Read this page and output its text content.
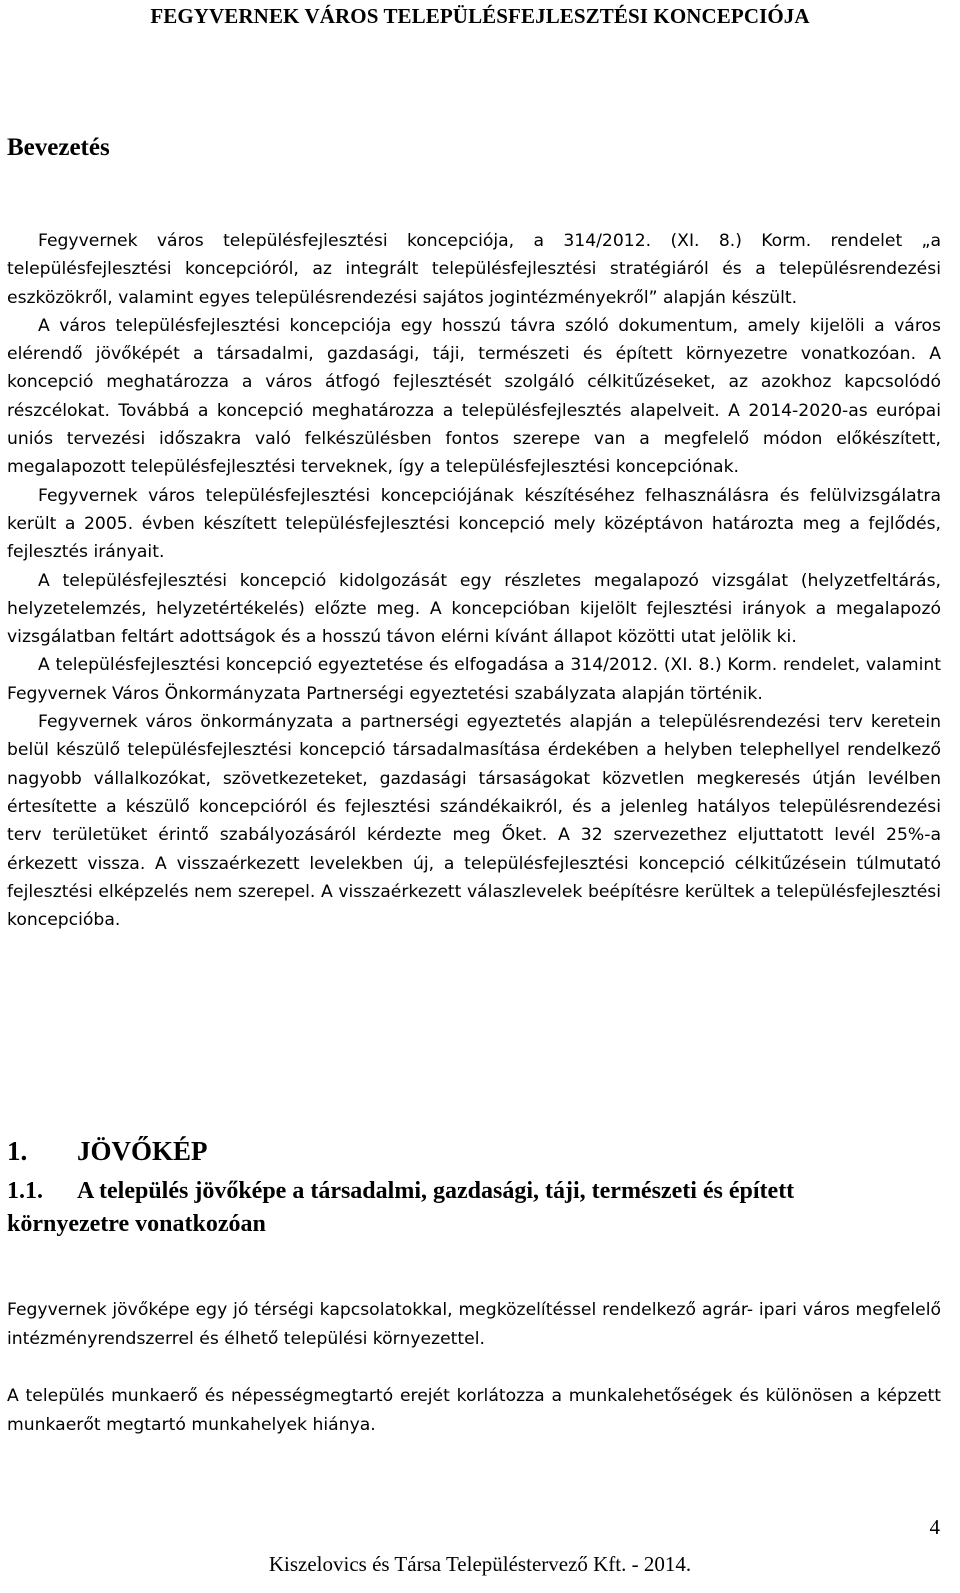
FEGYVERNEK VÁROS TELEPÜLÉSFEJLESZTÉSI KONCEPCIÓJA
Bevezetés

Fegyvernek város településfejlesztési koncepciója, a 314/2012. (XI. 8.) Korm. rendelet „a településfejlesztési koncepcióról, az integrált településfejlesztési stratégiáról és a településrendezési eszközökről, valamint egyes településrendezési sajátos jogintézményekről” alapján készült.

A város településfejlesztési koncepciója egy hosszú távra szóló dokumentum, amely kijelöli a város elérendő jövőképét a társadalmi, gazdasági, táji, természeti és épített környezetre vonatkozóan. A koncepció meghatározza a város átfogó fejlesztését szolgáló célkitűzéseket, az azokhoz kapcsolódó részcélokat. Továbbá a koncepció meghatározza a településfejlesztés alapelveit. A 2014-2020-as európai uniós tervezési időszakra való felkészülésben fontos szerepe van a megfelelő módon előkészített, megalapozott településfejlesztési terveknek, így a településfejlesztési koncepciónak.

Fegyvernek város településfejlesztési koncepciójának készítéséhez felhasználásra és felülvizsgálatra került a 2005. évben készített településfejlesztési koncepció mely középtávon határozta meg a fejlődés, fejlesztés irányait.

A településfejlesztési koncepció kidolgozását egy részletes megalapozó vizsgálat (helyzetfeltárás, helyzetelemzés, helyzetértékelés) előzte meg. A koncepcióban kijelölt fejlesztési irányok a megalapozó vizsgálatban feltárt adottságok és a hosszú távon elérni kívánt állapot közötti utat jelölik ki.

A településfejlesztési koncepció egyeztetése és elfogadása a 314/2012. (XI. 8.) Korm. rendelet, valamint Fegyvernek Város Önkormányzata Partnerségi egyeztetési szabályzata alapján történik.

Fegyvernek város önkormányzata a partnerségi egyeztetés alapján a településrendezési terv keretein belül készülő településfejlesztési koncepció társadalmasítása érdekében a helyben telephellyel rendelkező nagyobb vállalkozókat, szövetkezeteket, gazdasági társaságokat közvetlen megkeresés útján levélben értesítette a készülő koncepcióról és fejlesztési szándékaikról, és a jelenleg hatályos településrendezési terv területüket érintő szabályozásáról kérdezte meg Őket. A 32 szervezethez eljuttatott levél 25%-a érkezett vissza. A visszaérkezett levelekben új, a településfejlesztési koncepció célkitűzésein túlmutató fejlesztési elképzelés nem szerepel. A visszaérkezett válaszlevelek beépítésre kerültek a településfejlesztési koncepcióba.

1. JÖVŐKÉP
1.1. A település jövőképe a társadalmi, gazdasági, táji, természeti és épített környezetre vonatkozóan

Fegyvernek jövőképe egy jó térségi kapcsolatokkal, megközelítéssel rendelkező agrár- ipari város megfelelő intézményrendszerrel és élhető települési környezettel.

A település munkaerő és népességmegtartó erejét korlátozza a munkalehetőségek és különösen a képzett munkaerőt megtartó munkahelyek hiánya.

4
Kiszelovics és Társa Településtervező Kft. - 2014.
